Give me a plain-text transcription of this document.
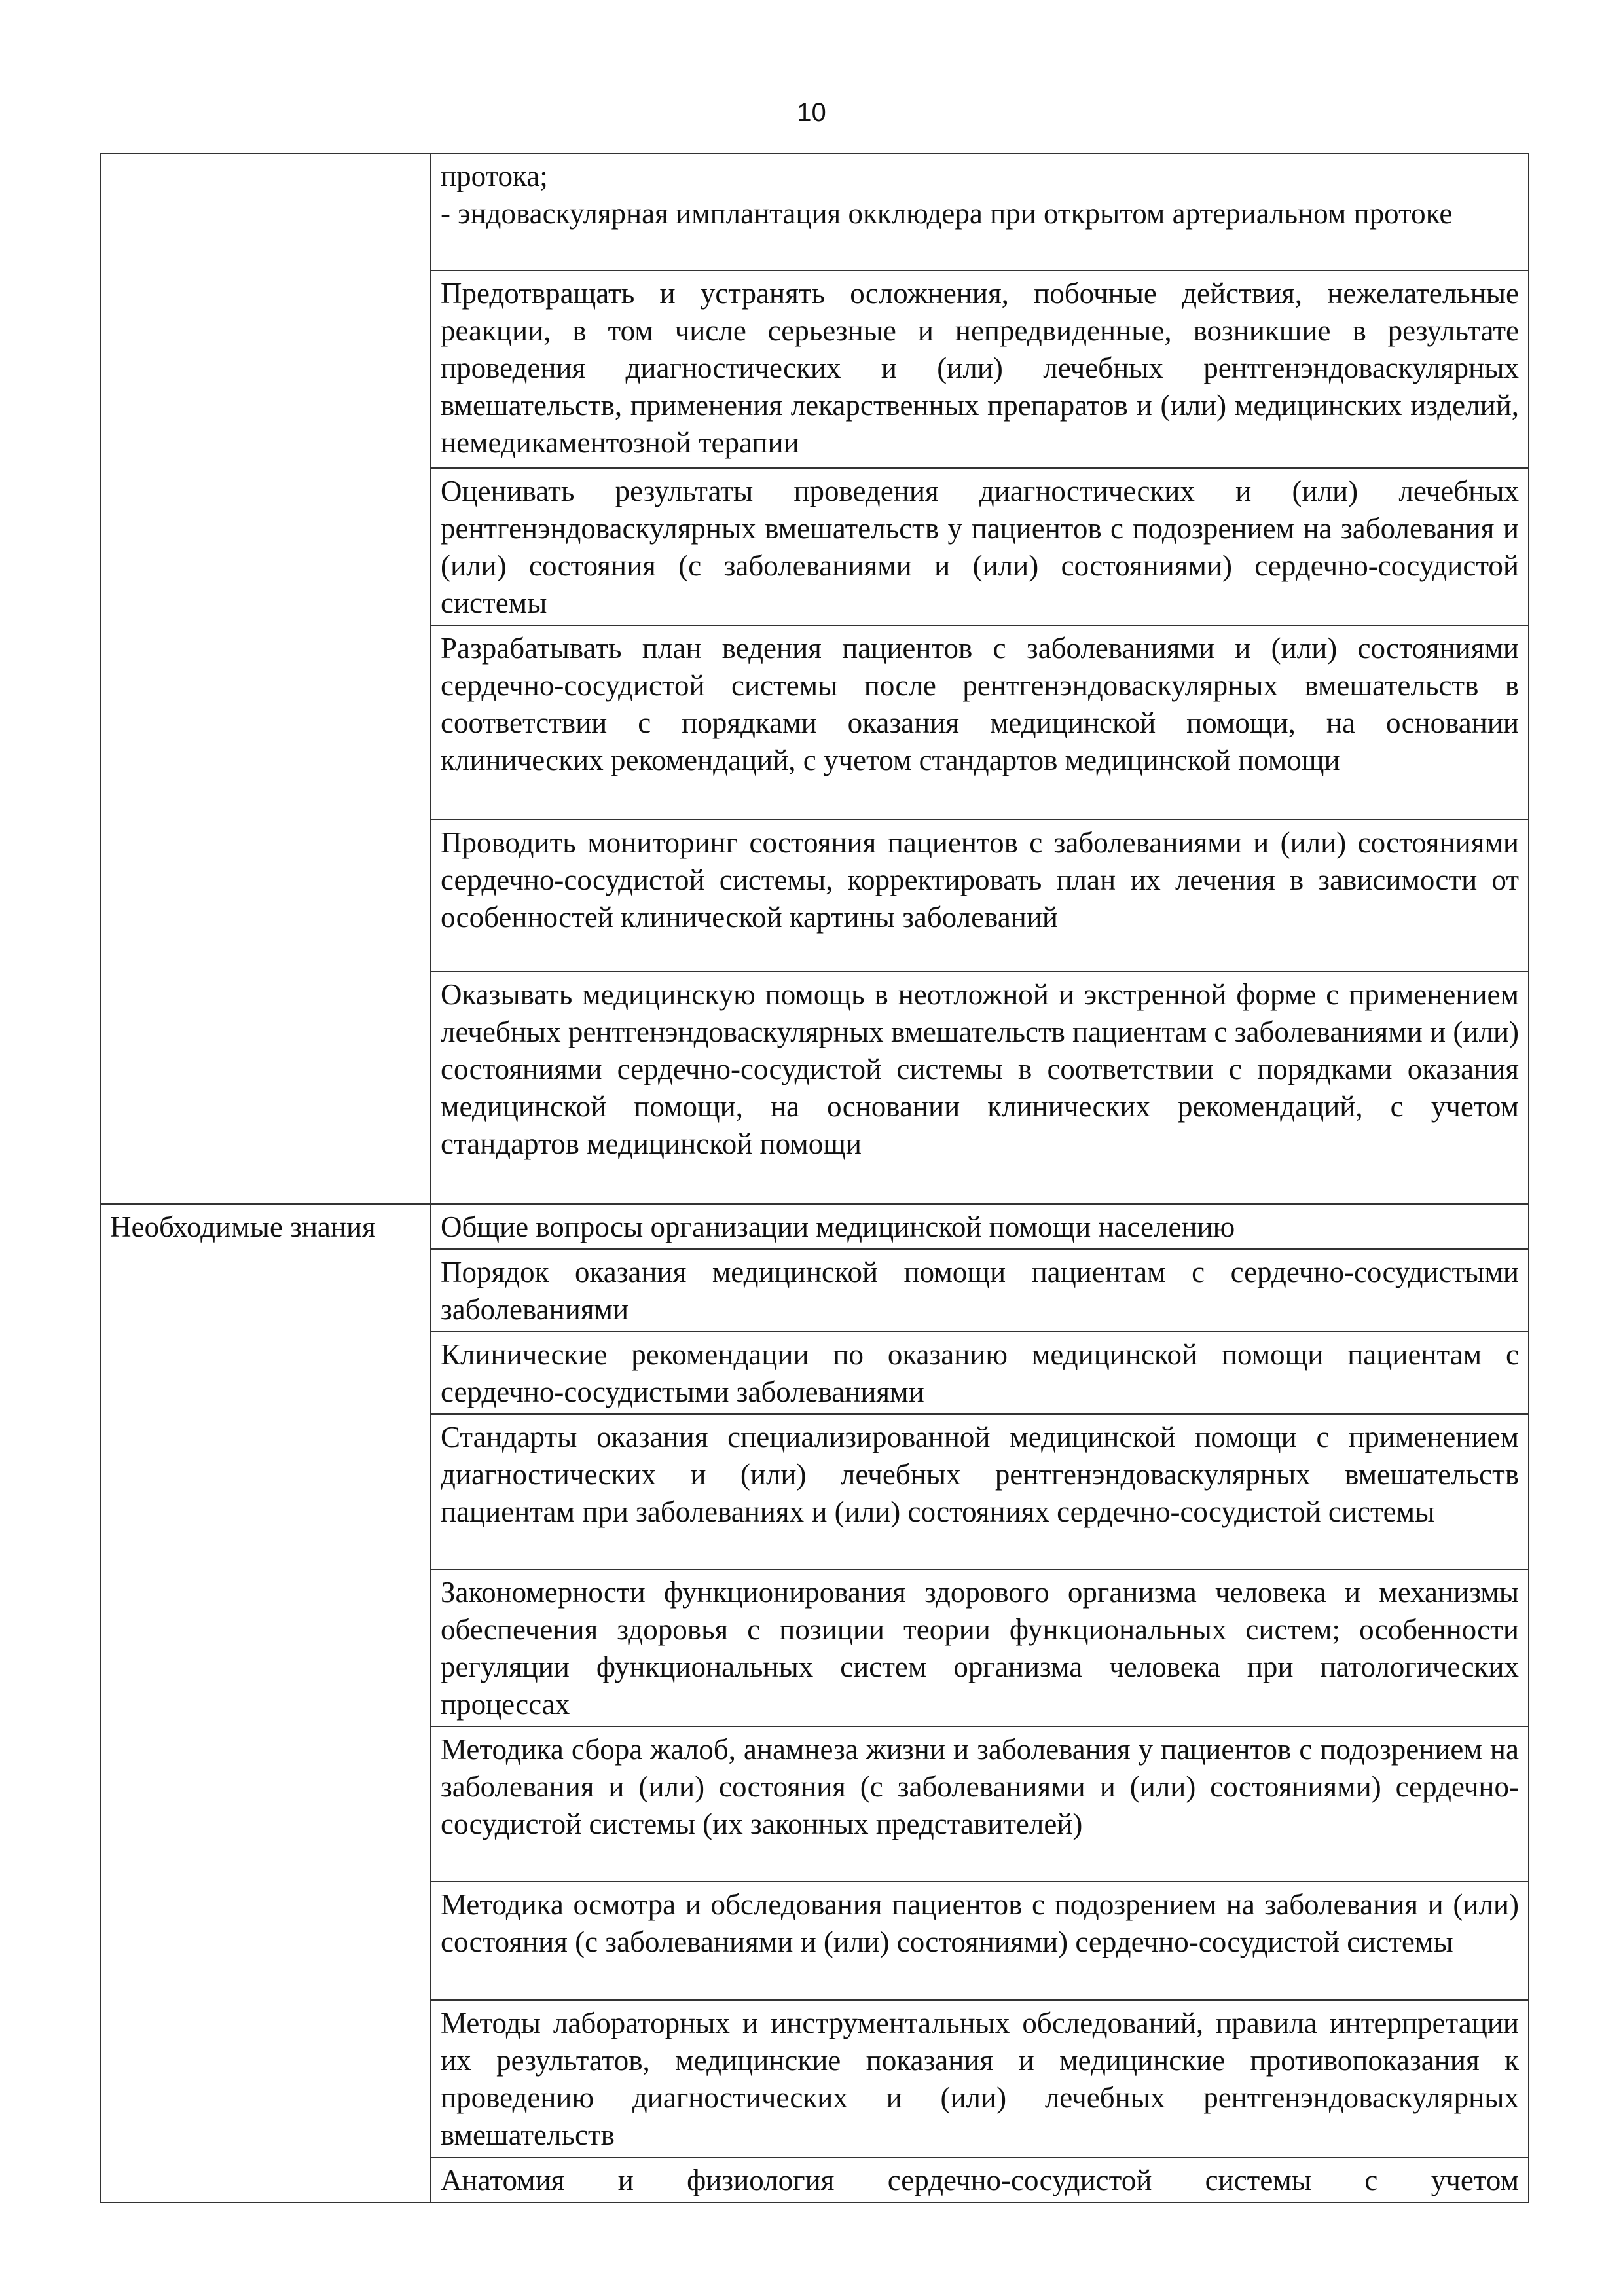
10

	протока;
- эндоваскулярная имплантация окклюдера при открытом артериальном протоке

	Предотвращать и устранять осложнения, побочные действия, нежелательные реакции, в том числе серьезные и непредвиденные, возникшие в результате проведения диагностических и (или) лечебных рентгенэндоваскулярных вмешательств, применения лекарственных препаратов и (или) медицинских изделий, немедикаментозной терапии
	Оценивать результаты проведения диагностических и (или) лечебных рентгенэндоваскулярных вмешательств у пациентов с подозрением на заболевания и (или) состояния (с заболеваниями и (или) состояниями) сердечно-сосудистой системы
	Разрабатывать план ведения пациентов с заболеваниями и (или) состояниями сердечно-сосудистой системы после рентгенэндоваскулярных вмешательств в соответствии с порядками оказания медицинской помощи, на основании клинических рекомендаций, с учетом стандартов медицинской помощи
	Проводить мониторинг состояния пациентов с заболеваниями и (или) состояниями сердечно-сосудистой системы, корректировать план их лечения в зависимости от особенностей клинической картины заболеваний
	Оказывать медицинскую помощь в неотложной и экстренной форме с применением лечебных рентгенэндоваскулярных вмешательств пациентам с заболеваниями и (или) состояниями сердечно-сосудистой системы в соответствии с порядками оказания медицинской помощи, на основании клинических рекомендаций, с учетом стандартов медицинской помощи
Необходимые знания	Общие вопросы организации медицинской помощи населению
	Порядок оказания медицинской помощи пациентам с сердечно-сосудистыми заболеваниями
	Клинические рекомендации по оказанию медицинской помощи пациентам с сердечно-сосудистыми заболеваниями
	Стандарты оказания специализированной медицинской помощи с применением диагностических и (или) лечебных рентгенэндоваскулярных вмешательств пациентам при заболеваниях и (или) состояниях сердечно-сосудистой системы
	Закономерности функционирования здорового организма человека и механизмы обеспечения здоровья с позиции теории функциональных систем; особенности регуляции функциональных систем организма человека при патологических процессах
	Методика сбора жалоб, анамнеза жизни и заболевания у пациентов с подозрением на заболевания и (или) состояния (с заболеваниями и (или) состояниями) сердечно-сосудистой системы (их законных представителей)
	Методика осмотра и обследования пациентов с подозрением на заболевания и (или) состояния (с заболеваниями и (или) состояниями) сердечно-сосудистой системы
	Методы лабораторных и инструментальных обследований, правила интерпретации их результатов, медицинские показания и медицинские противопоказания к проведению диагностических и (или) лечебных рентгенэндоваскулярных вмешательств
	Анатомия и физиология сердечно-сосудистой системы с учетом
